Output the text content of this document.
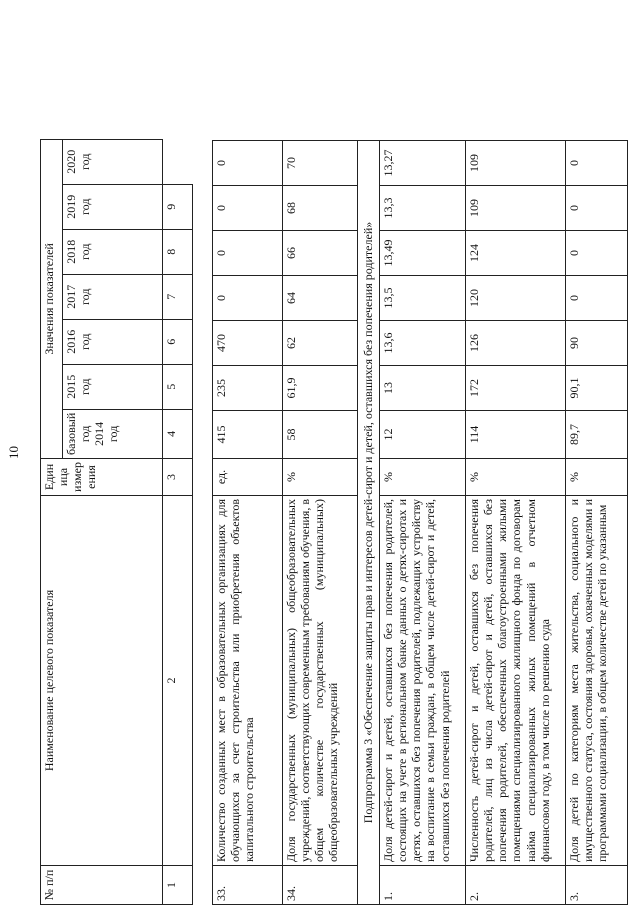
10
№ п/п	Наименование целевого показателя	Един ица измер ения	Значения показателей						
			базовый год 2014 год	2015 год	2016 год	2017 год	2018 год	2019 год	2020 год
1	2	3	4	5	6	7	8	9	
33.	Количество созданных мест в образовательных организациях для обучающихся за счет строительства или приобретения объектов капитального строительства	ед.	415	235	470	0	0	0	0
34.	Доля государственных (муниципальных) общеобразовательных учреждений, соответствующих современным требованиям обучения, в общем количестве государственных (муниципальных) общеобразовательных учреждений	%	58	61,9	62	64	66	68	70
Подпрограмма 3 «Обеспечение защиты прав и интересов детей-сирот и детей, оставшихся без попечения родителей»									
1.	Доля детей-сирот и детей, оставшихся без попечения родителей, состоящих на учете в региональном банке данных о детях-сиротах и детях, оставшихся без попечения родителей, подлежащих устройству на воспитание в семьи граждан, в общем числе детей-сирот и детей, оставшихся без попечения родителей	%	12	13	13,6	13,5	13,49	13,3	13,27
2.	Численность детей-сирот и детей, оставшихся без попечения родителей, лиц из числа детей-сирот и детей, оставшихся без попечения родителей, обеспеченных благоустроенными жилыми помещениями специализированного жилищного фонда по договорам найма специализированных жилых помещений в отчетном финансовом году, в том числе по решению суда	%	114	172	126	120	124	109	109
3.	Доля детей по категориям места жительства, социального и имущественного статуса, состояния здоровья, охваченных моделями и программами социализации, в общем количестве детей по указанным	%	89,7	90,1	90	0	0	0	0
